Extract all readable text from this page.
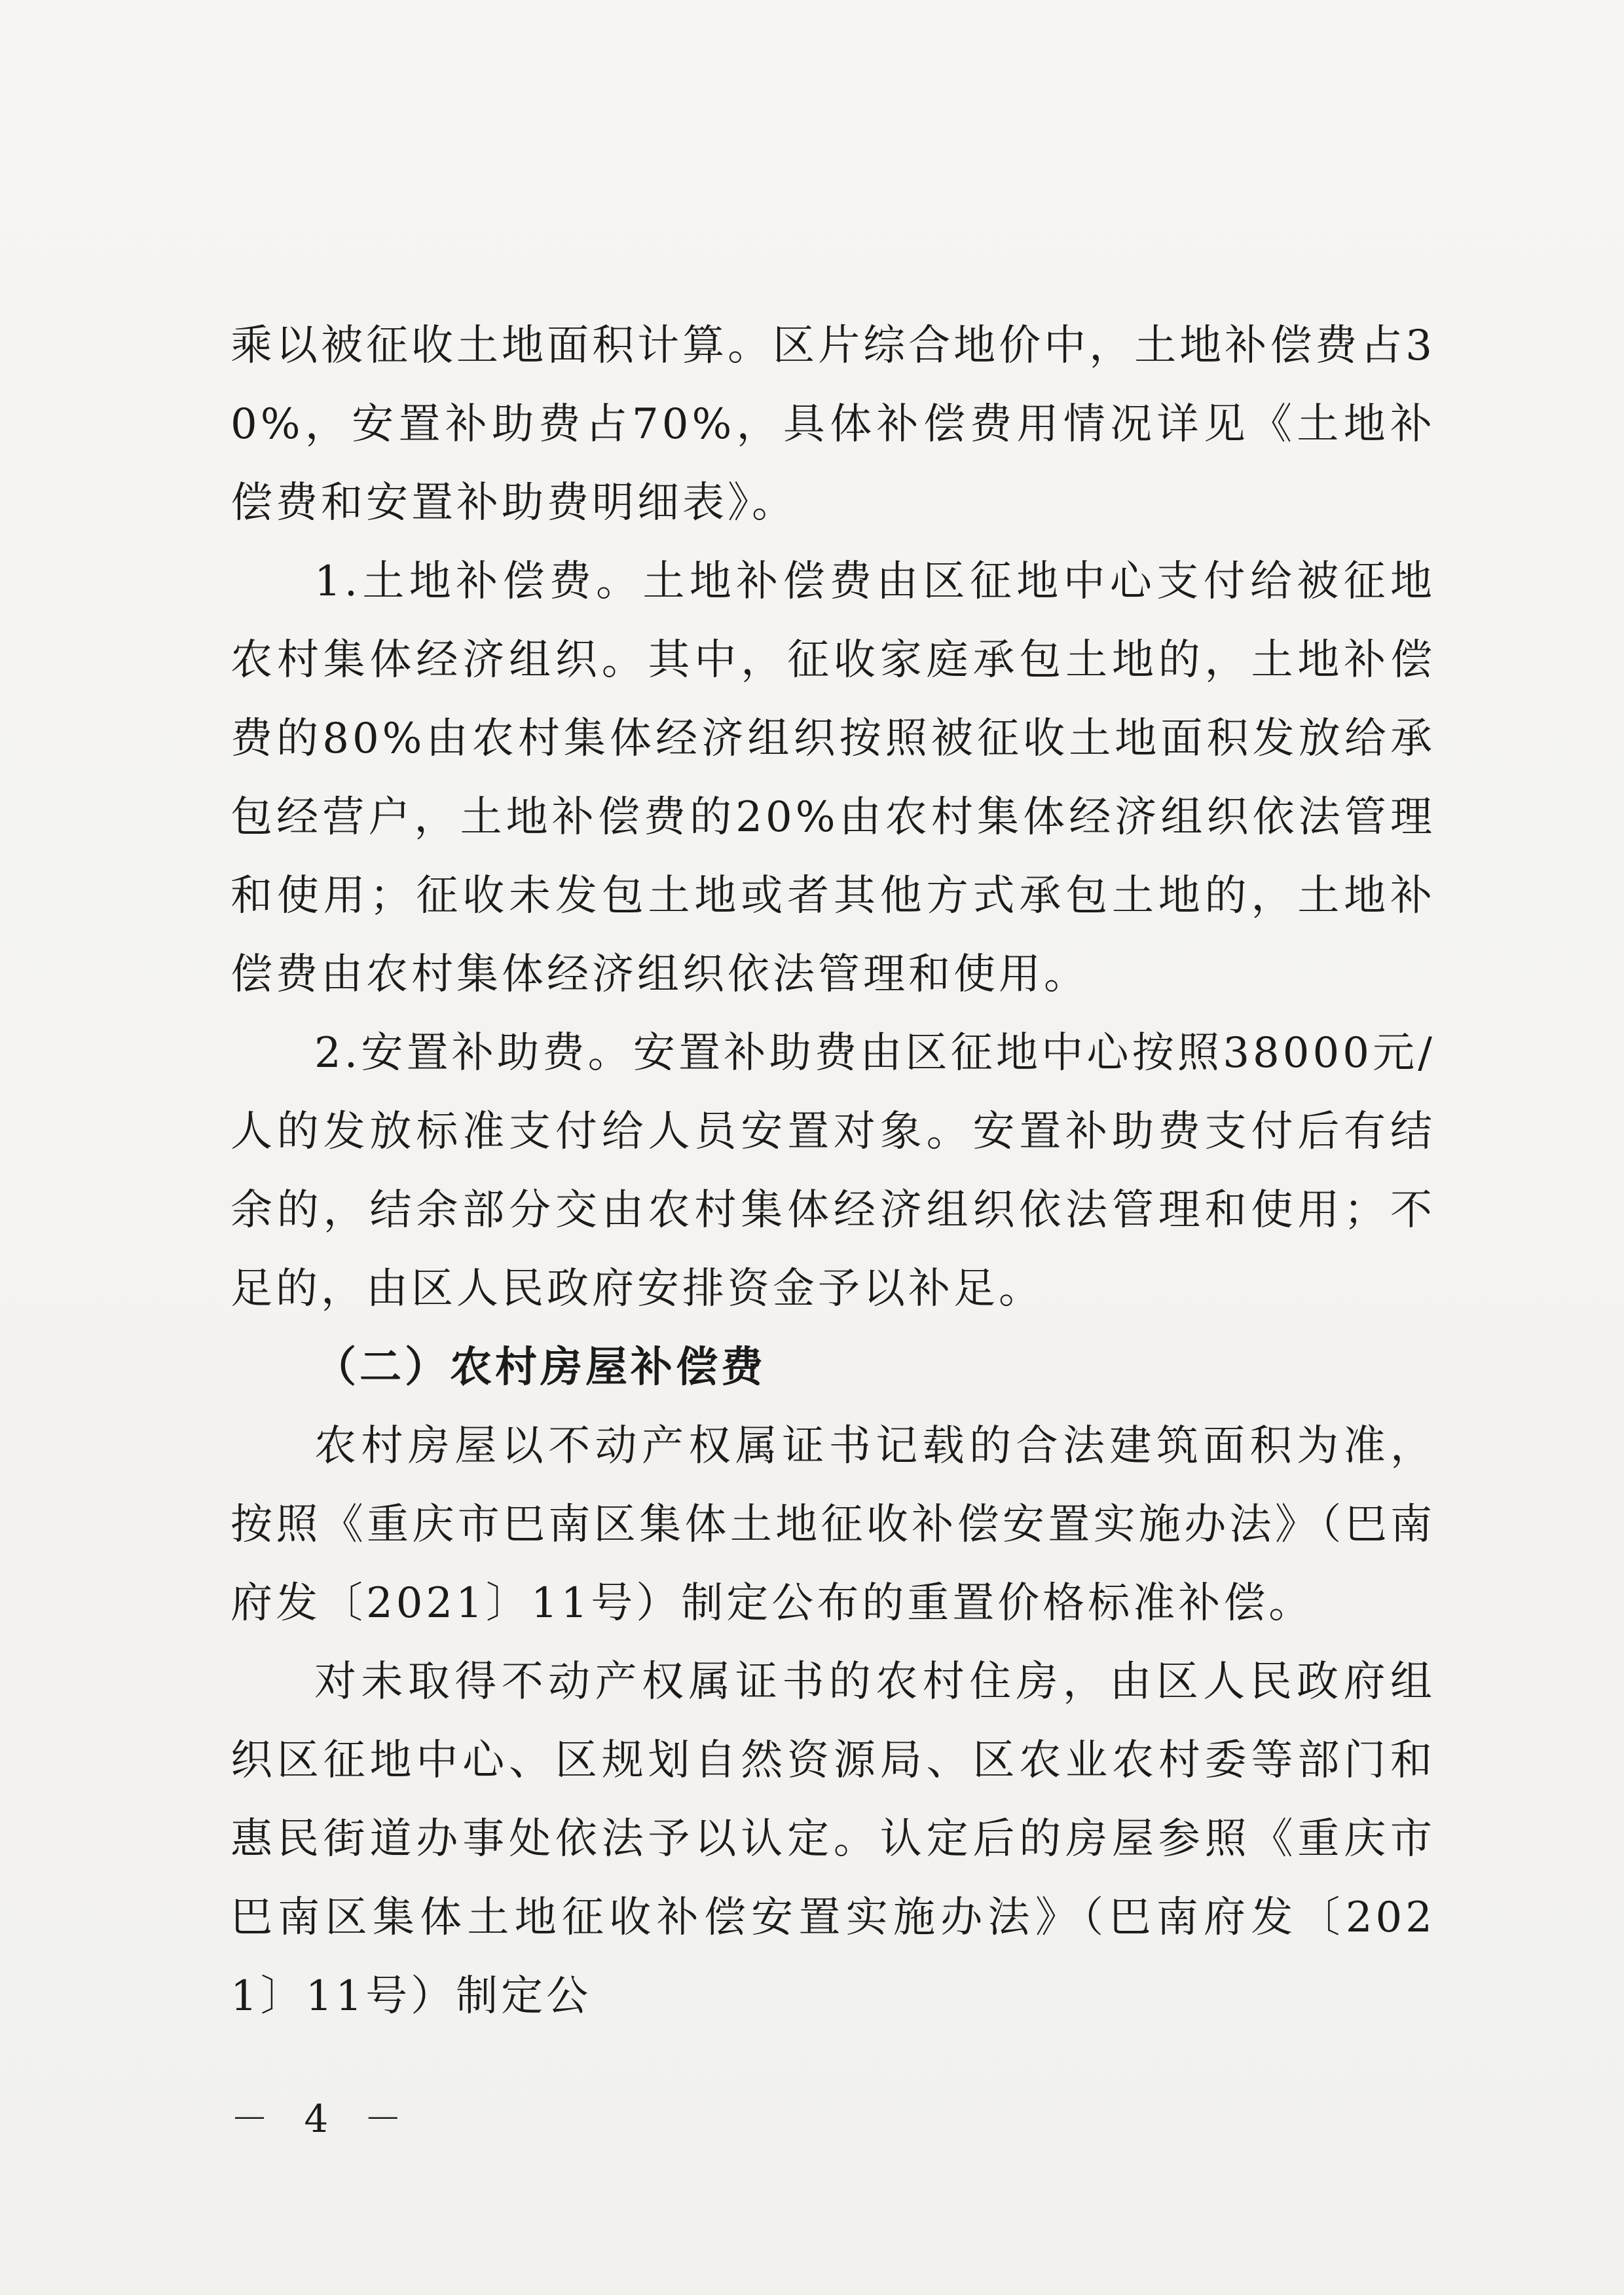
乘以被征收土地面积计算。区片综合地价中，土地补偿费占30%，安置补助费占70%，具体补偿费用情况详见《土地补偿费和安置补助费明细表》。

1.土地补偿费。土地补偿费由区征地中心支付给被征地农村集体经济组织。其中，征收家庭承包土地的，土地补偿费的80%由农村集体经济组织按照被征收土地面积发放给承包经营户，土地补偿费的20%由农村集体经济组织依法管理和使用；征收未发包土地或者其他方式承包土地的，土地补偿费由农村集体经济组织依法管理和使用。

2.安置补助费。安置补助费由区征地中心按照38000元/人的发放标准支付给人员安置对象。安置补助费支付后有结余的，结余部分交由农村集体经济组织依法管理和使用；不足的，由区人民政府安排资金予以补足。

（二）农村房屋补偿费

农村房屋以不动产权属证书记载的合法建筑面积为准，按照《重庆市巴南区集体土地征收补偿安置实施办法》（巴南府发〔2021〕11号）制定公布的重置价格标准补偿。

对未取得不动产权属证书的农村住房，由区人民政府组织区征地中心、区规划自然资源局、区农业农村委等部门和惠民街道办事处依法予以认定。认定后的房屋参照《重庆市巴南区集体土地征收补偿安置实施办法》（巴南府发〔2021〕11号）制定公

－ 4 －
